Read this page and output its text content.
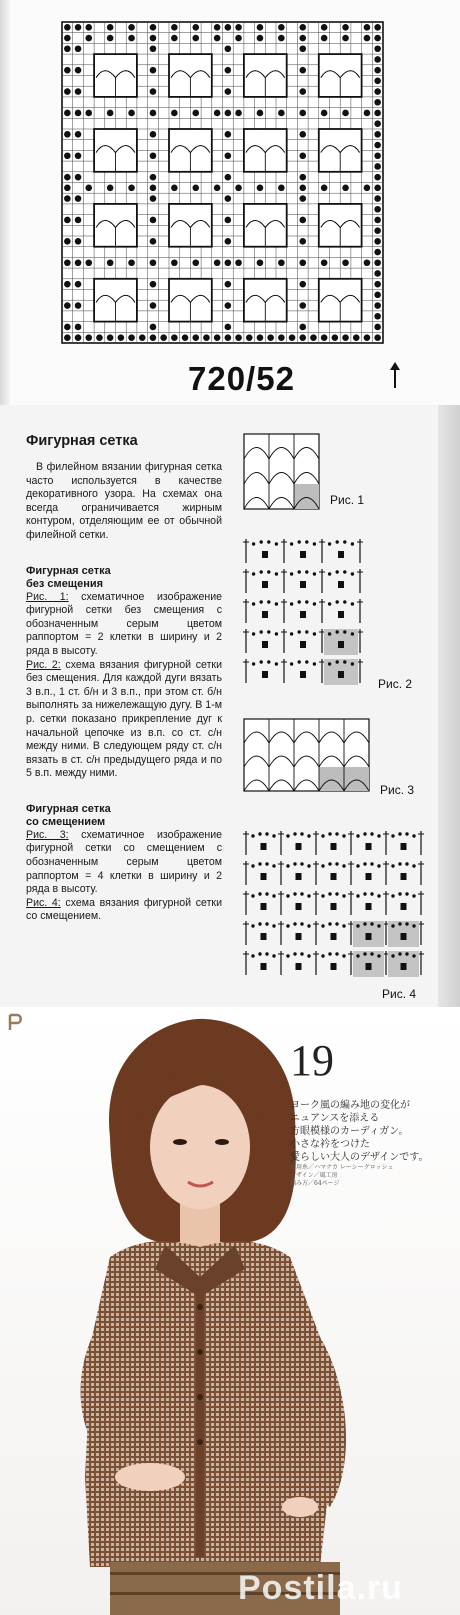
720/52

Фигурная сетка

В филейном вязании фигурная сетка часто используется в качестве декоративного узора. На схемах она всегда ограничивается жирным контуром, отделяющим ее от обычной филейной сетки.

Фигурная сетка

без смещения

Рис. 1: схематичное изображение фигурной сетки без смещения с обозначенным серым цветом раппортом = 2 клетки в ширину и 2 ряда в высоту.

Рис. 2: схема вязания фигурной сетки без смещения. Для каждой дуги вязать 3 в.п., 1 ст. б/н и 3 в.п., при этом ст. б/н выполнять за нижележащую дугу. В 1-м р. сетки показано прикрепление дуг к начальной цепочке из в.п. со ст. с/н между ними. В следующем ряду ст. с/н вязать в ст. с/н предыдущего ряда и по 5 в.п. между ними.

Фигурная сетка

со смещением

Рис. 3: схематичное изображение фигурной сетки со смещением с обозначенным серым цветом раппортом = 4 клетки в ширину и 2 ряда в высоту.

Рис. 4: схема вязания фигурной сетки со смещением.

Рис. 1
Рис. 2
Рис. 3
Рис. 4
19
ヨーク風の編み地の変化が
ニュアンスを添える
方眼模様のカーディガン。
小さな衿をつけた
愛らしい大人のデザインです。
使用糸／ハマナカ レーシーグロッシュ
デザイン／風工房
編み方／64ページ
Postila.ru
